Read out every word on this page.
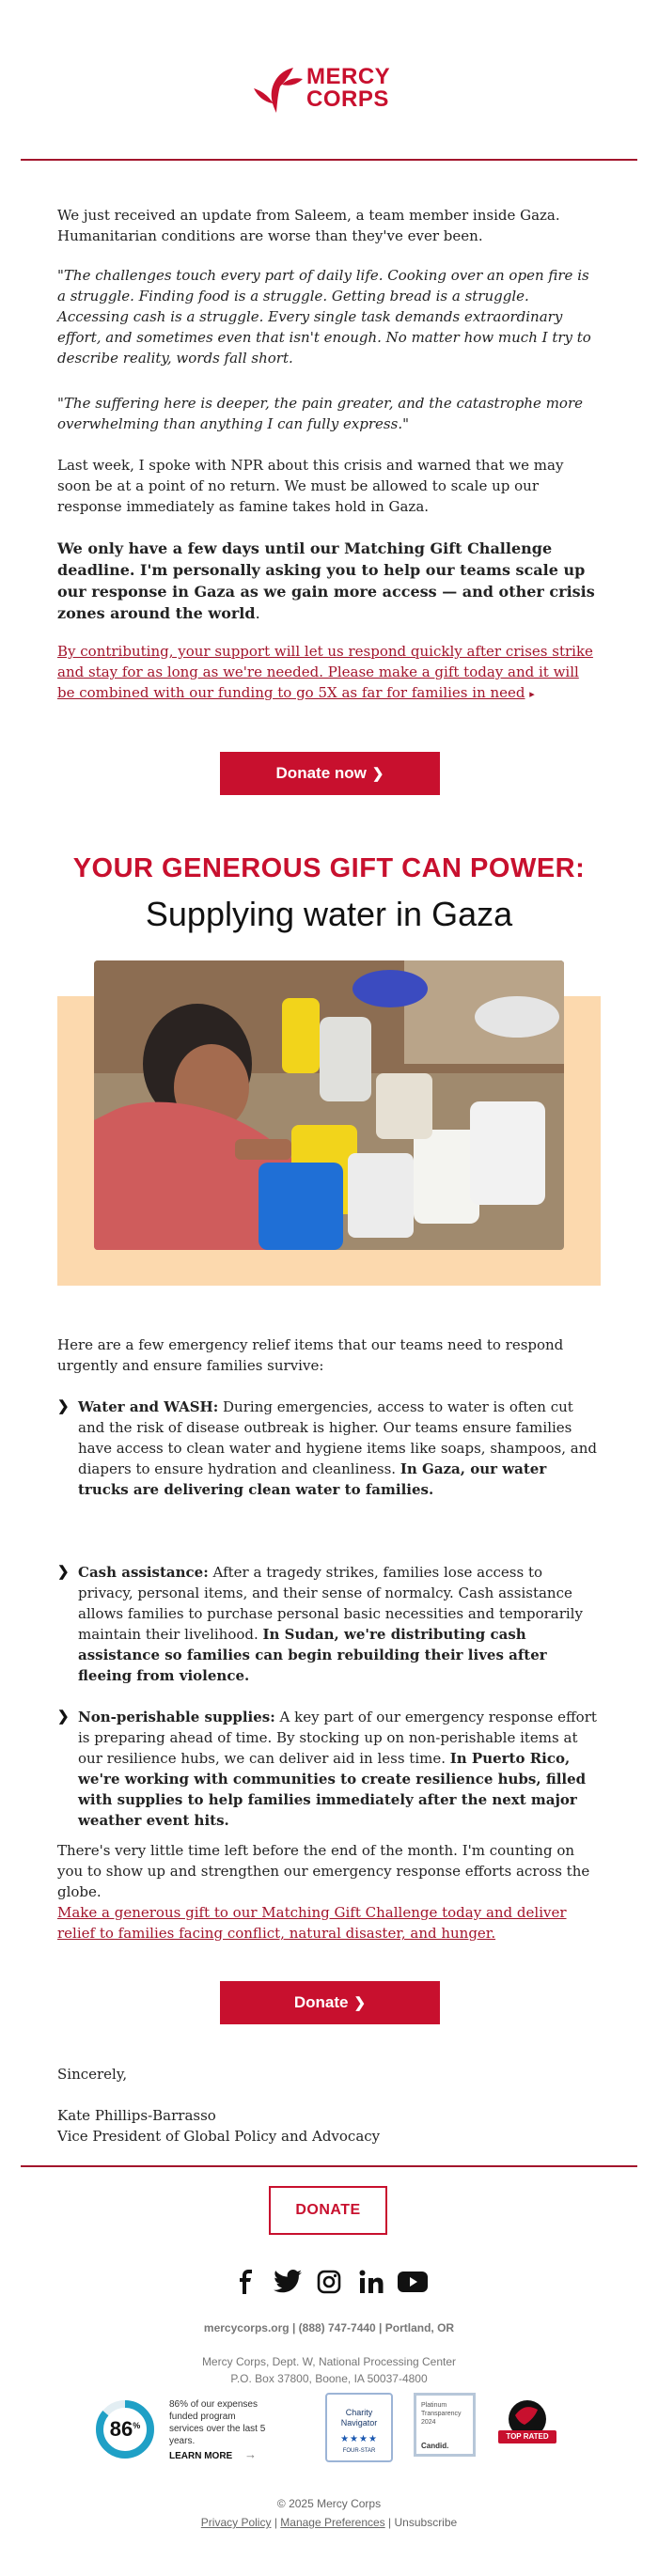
MERCY
CORPS

We just received an update from Saleem, a team member inside Gaza. Humanitarian conditions are worse than they've ever been.

"The challenges touch every part of daily life. Cooking over an open fire is a struggle. Finding food is a struggle. Getting bread is a struggle. Accessing cash is a struggle. Every single task demands extraordinary effort, and sometimes even that isn't enough. No matter how much I try to describe reality, words fall short.

"The suffering here is deeper, the pain greater, and the catastrophe more overwhelming than anything I can fully express."

Last week, I spoke with NPR about this crisis and warned that we may soon be at a point of no return. We must be allowed to scale up our response immediately as famine takes hold in Gaza.

We only have a few days until our Matching Gift Challenge deadline. I'm personally asking you to help our teams scale up our response in Gaza as we gain more access — and other crisis zones around the world.

By contributing, your support will let us respond quickly after crises strike and stay for as long as we're needed. Please make a gift today and it will be combined with our funding to go 5X as far for families in need ▸

Donate now ❯
YOUR GENEROUS GIFT CAN POWER:
Supplying water in Gaza

Here are a few emergency relief items that our teams need to respond urgently and ensure families survive:

❯ Water and WASH: During emergencies, access to water is often cut and the risk of disease outbreak is higher. Our teams ensure families have access to clean water and hygiene items like soaps, shampoos, and diapers to ensure hydration and cleanliness. In Gaza, our water trucks are delivering clean water to families.
❯ Cash assistance: After a tragedy strikes, families lose access to privacy, personal items, and their sense of normalcy. Cash assistance allows families to purchase personal basic necessities and temporarily maintain their livelihood. In Sudan, we're distributing cash assistance so families can begin rebuilding their lives after fleeing from violence.
❯ Non-perishable supplies: A key part of our emergency response effort is preparing ahead of time. By stocking up on non-perishable items at our resilience hubs, we can deliver aid in less time. In Puerto Rico, we're working with communities to create resilience hubs, filled with supplies to help families immediately after the next major weather event hits.

There's very little time left before the end of the month. I'm counting on you to show up and strengthen our emergency response efforts across the globe.

Make a generous gift to our Matching Gift Challenge today and deliver relief to families facing conflict, natural disaster, and hunger.

Donate ❯

Sincerely,

Kate Phillips-Barrasso

Vice President of Global Policy and Advocacy

DONATE
mercycorps.org | (888) 747-7440 | Portland, OR
Mercy Corps, Dept. W, National Processing Center
P.O. Box 37800, Boone, IA 50037-4800
86 %
86% of our expenses funded program services over the last 5 years.
LEARN MORE →
Charity
Navigator
★★★★
FOUR-STAR
Platinum
Transparency
2024
Candid.
TOP RATED
© 2025 Mercy Corps
Privacy Policy | Manage Preferences | Unsubscribe
